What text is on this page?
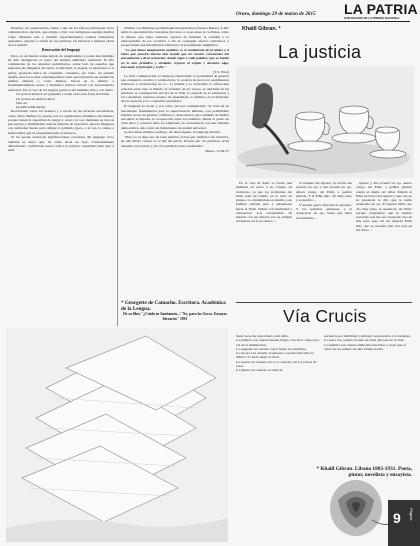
Oruro, domingo 29 de marzo de 2015 LA PATRIA
SUB DECANO DE LA PRENSA NACIONAL

Estamos, en consecuencia, frente a uno de los efectos principales de la comunicación afectiva, que obliga a vivir con vertiginosa energía muchas vidas. Sabiendo leer y asimilar experimentamos cuantas existencias queramos. ¡Ayunos a través de los palabras, las heroicas e intensas vidas de los demás!

Renovación del lenguaje

Pero, en un mundo sobrecargado de pragmatismo y poder mercantilista ha sido desfigurado el rostro del sistema simbólico universal. El alfa comunicaba de los anuncios publicitarios, sobre todo de aquellos que expresan las imágenes del amor, la felicidad, la alegría, la naturaleza o la patria, aparecen banca de contenido, considero, por tanto, un enorme desafío para los poetas contemporáneos tener que reinventar un sistema de señales alternas o, como dijimos, buscar en lo místico o fundamentalmente oscuro y hermético nuevos valores con trascendencia universal. Tal el caso de los elegíos poéticos del budismo Zen o a la tanka.

Un poema debiera ser palpable y mudo como una fruta henchida...
Un poema no debiera decir
Sino ser
(Archibal Macleish)

Recordando todos los tiempos y a través de las diversas escolásticas, como decía Shelley los poetas son los legisladores anónimos del mundo; porque tienen la capacidad de juzgar y crear a la vez, mediante su don de percepción y sensibilidad, nuevas maneras de expresión, nuevas imágenes con suficiente fuerza para reflejar lo primario (pero, a la vez, lo eterno e inamovible) que va experimentando el universo.

Si los poetas enrarecen significaciones conocidas del lenguaje vivo; también es cierto que; tal como decía un viejo 'constantemente deformando', confiriendo nueva vida a la palabra, tornándola más apta y sutil.

bilidad, con múltiples posibilidades interpretativas (Susana Reiser). A ello suma la aproximación consciente del verso a cosas antes no verbales, como la música que logra atributos capaces de iluminar la realidad y la universalidad de los vocablos a fin de conseguir afectos armónicos y proporcionar una información adicional a la propiamente lingüística.

"Lo que llamo imaginación auditiva, es el sentimiento de la sílaba y el ritmo que penetra mucho más hondo que los niveles conscientes del pensamiento y de la sensación, dando vigor a cada palabra; que se hunde en lo más primitivo y olvidado, regresa al origen y devuelve algo, buscando el principio y el fin."

(T.S. Eliot)

La fácil comunicación, la hermosa emotividad, la posibilidad de generar una existencia creativa y satisfactoria, la ocasión de provocar sentimientos interiores y revelaciones de lo... la rebelde y la vivacidad, la refrescante relación entre todo el mundo; la vertiente de los versos, la sabiduría de las palabras, la consagración del Ser de la Vida, lo sagrado de la existencia y los constantes; nuestros propios de aprendizaje, lo efímero, en el horizonte de las esencias y los contenidos profundos.

El lenguaje es social y, por tanto, proceso comunicativo. Se trata de un mecanismo fundamental para la supervivencia humana, con posibilidad, muchas veces, de generar conflictos y desacuerdos, pero también de mediar encontrar el impulso la cooperación entre los hombres. Desde el punto de vista ético y racional debe ser empleado en consonancia con una armonía democrática, sino como un instrumento de unidad universal.

A estos fines últimos confluye, sin duda alguna, el lenguaje literario.

"Pero yo os digo que de toda palabra ociosa que hablaren los hombres, de ella darán cuenta en el día del juicio. Porque por tus palabras serás absuelto como justo, y por tus palabras serás condenado".

Mateo, 12:36-37
* Georgette de Camacho. Escritora. Académica de la Lengua.
De su libro "¿Cuida en Santiamén..." No, para los Goces. Ensayos literarios" 1991
Khalil Gibran. *
La justicia

En la casa de Emir se formó una multitud en torno a su consejo de Gobierno, ya que los problemas del Emir eran un triunfo en la vida, en grupos. Lo alumbraban en desafío a un hombre atribuía paso y adelantarse hacia el Emir. Señaló con humildad y veneración. Los consentirían. Se mezcló con encontrado por su antigua severidad, en el su cuerpo ...

la ventana del tejedor, su vecino me reventó un ojo, y me reventé un ojo. Ahora vengo, mi Emir, a pedirte justicia. Y el Emir dijo: -Es muy justo y es justicia ...

Y mandó que le llevaran al zapatero. Y los guardias quedaron, y le arrancaron un ojo, hasta que fuera severamente...

tejedor y me reventé un ojo. Ahora vengo, mi Emir, a pedirte justicia contra el dueño del taller. Mandó el Emir en busca del tejedor y una vez en su presencia le dijo que le había arrancado un ojo. El tejedor habló así: -Es muy justo tu sentencia, mi Emir, porque comprendo que la justicia prescribe que me sea arrancado uno de mis ojos; pero mi ser ignoran Emir mío, que yo necesito mis dos ojos en mi oficio ...

Vía Crucis

Siete veces he reprochado a mi alma.
La primera vez cuando intentó llegar a los altos cargos por vía de la humillación.
La segunda vez cuando cojeó frente los inválidos.
La tercera vez cuando al sentarse a su elección entre lo difícil y lo fácil, eligió lo fácil.
La cuarta vez cuando erró y se consoló con los yerros de otros.
La quinta vez cuando se armó de

paciencia por debilidad y atribuyó su paciencia a la fortaleza.
La sexta vez cuando levantó su falda del lodo de la vida.
La séptima vez cuando salmodió ante Dios y creyó que el canto de los salmos era una virtud en ella.

* Khalil Gibran. Líbano 1883-1931. Poeta, pintor, novelista y ensayista.
9 Página
